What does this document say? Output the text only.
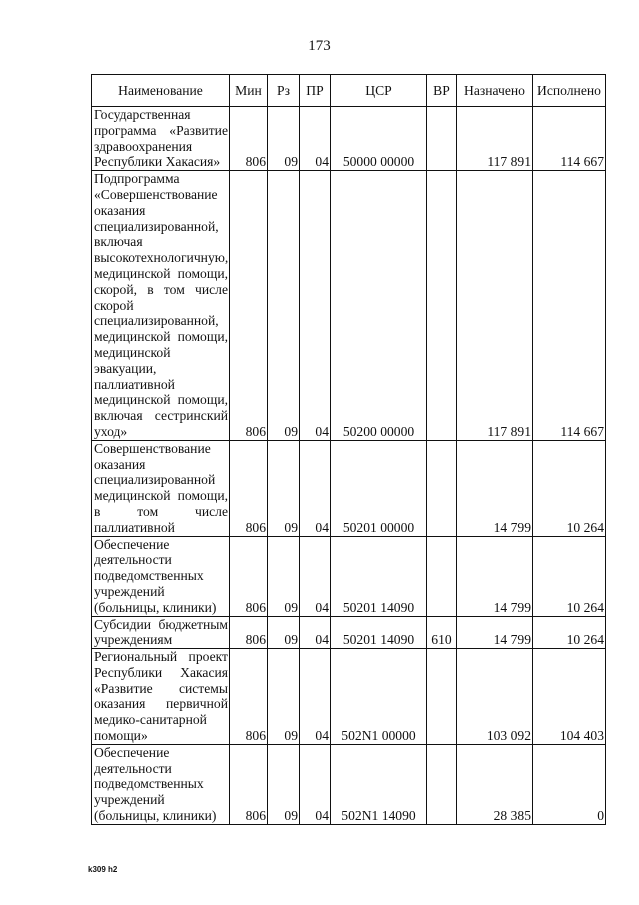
173
Наименование	Мин	Рз	ПР	ЦСР	ВР	Назначено	Исполнено
Государственная программа «Развитие здравоохранения Республики Хакасия»	806	09	04	50000 00000		117 891	114 667
Подпрограмма «Совершенствование оказания специализированной, включая высокотехнологичную, медицинской помощи, скорой, в том числе скорой специализированной, медицинской помощи, медицинской эвакуации, паллиативной медицинской помощи, включая сестринский уход»	806	09	04	50200 00000		117 891	114 667
Совершенствование оказания специализированной медицинской помощи, в том числе паллиативной	806	09	04	50201 00000		14 799	10 264
Обеспечение деятельности подведомственных учреждений (больницы, клиники)	806	09	04	50201 14090		14 799	10 264
Субсидии бюджетным учреждениям	806	09	04	50201 14090	610	14 799	10 264
Региональный проект Республики Хакасия «Развитие системы оказания первичной медико-санитарной помощи»	806	09	04	502N1 00000		103 092	104 403
Обеспечение деятельности подведомственных учреждений (больницы, клиники)	806	09	04	502N1 14090		28 385	0
k309 h2
